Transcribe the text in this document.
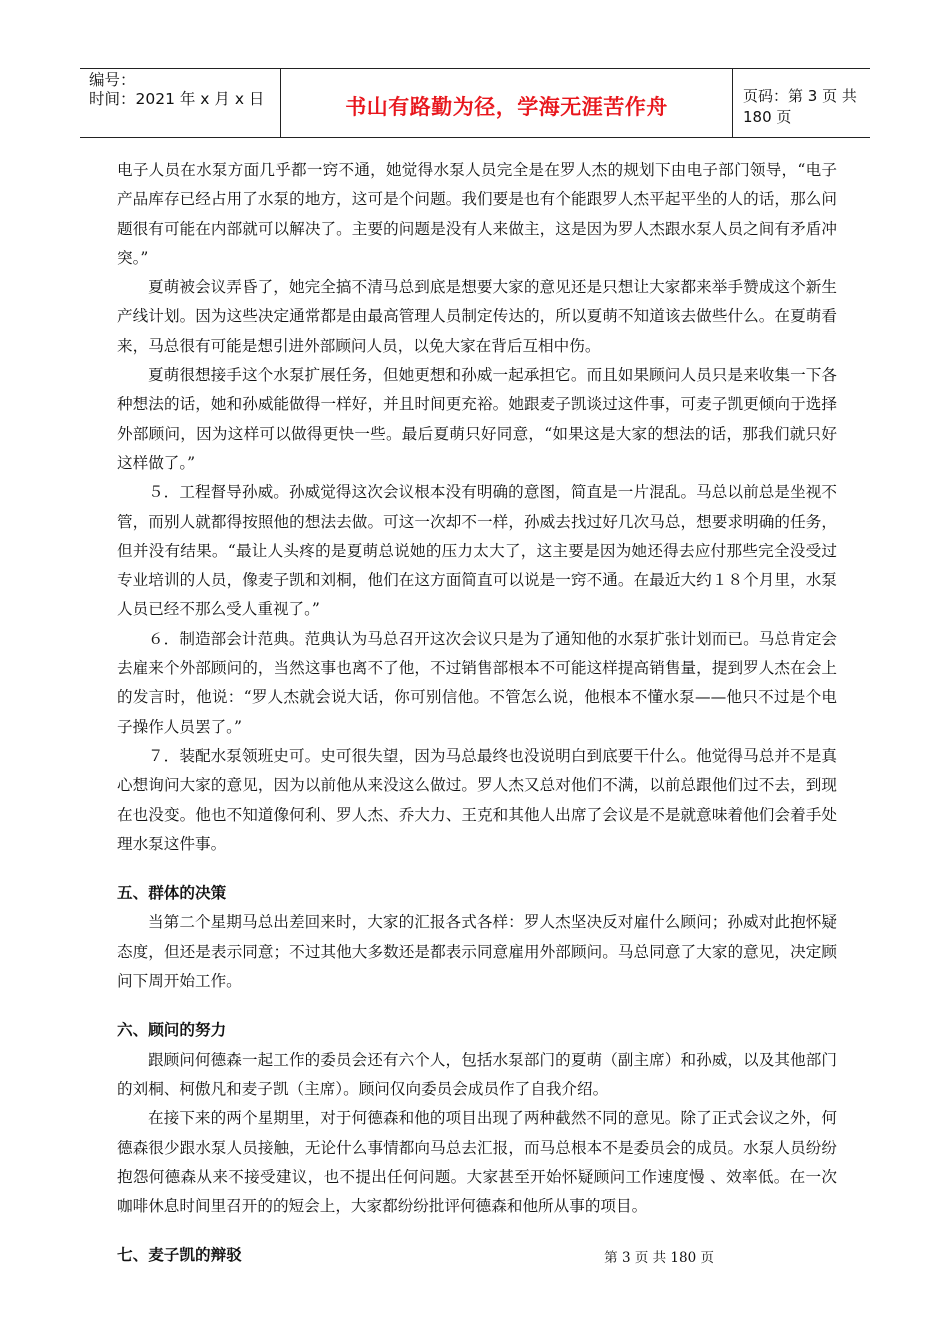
编号：
时间：2021 年 x 月 x 日	书山有路勤为径，学海无涯苦作舟	页码：第 3 页 共 180 页

电子人员在水泵方面几乎都一窍不通，她觉得水泵人员完全是在罗人杰的规划下由电子部门领导，“电子产品库存已经占用了水泵的地方，这可是个问题。我们要是也有个能跟罗人杰平起平坐的人的话，那么问题很有可能在内部就可以解决了。主要的问题是没有人来做主，这是因为罗人杰跟水泵人员之间有矛盾冲突。”

夏萌被会议弄昏了，她完全搞不清马总到底是想要大家的意见还是只想让大家都来举手赞成这个新生产线计划。因为这些决定通常都是由最高管理人员制定传达的，所以夏萌不知道该去做些什么。在夏萌看来，马总很有可能是想引进外部顾问人员，以免大家在背后互相中伤。

夏萌很想接手这个水泵扩展任务，但她更想和孙威一起承担它。而且如果顾问人员只是来收集一下各种想法的话，她和孙威能做得一样好，并且时间更充裕。她跟麦子凯谈过这件事，可麦子凯更倾向于选择外部顾问，因为这样可以做得更快一些。最后夏萌只好同意，“如果这是大家的想法的话，那我们就只好这样做了。”

５．工程督导孙威。孙威觉得这次会议根本没有明确的意图，简直是一片混乱。马总以前总是坐视不管，而别人就都得按照他的想法去做。可这一次却不一样，孙威去找过好几次马总，想要求明确的任务，但并没有结果。“最让人头疼的是夏萌总说她的压力太大了，这主要是因为她还得去应付那些完全没受过专业培训的人员，像麦子凯和刘桐，他们在这方面简直可以说是一窍不通。在最近大约１８个月里，水泵人员已经不那么受人重视了。”

６．制造部会计范典。范典认为马总召开这次会议只是为了通知他的水泵扩张计划而已。马总肯定会去雇来个外部顾问的，当然这事也离不了他，不过销售部根本不可能这样提高销售量，提到罗人杰在会上的发言时，他说：“罗人杰就会说大话，你可别信他。不管怎么说，他根本不懂水泵——他只不过是个电子操作人员罢了。”

７．装配水泵领班史可。史可很失望，因为马总最终也没说明白到底要干什么。他觉得马总并不是真心想询问大家的意见，因为以前他从来没这么做过。罗人杰又总对他们不满，以前总跟他们过不去，到现在也没变。他也不知道像何利、罗人杰、乔大力、王克和其他人出席了会议是不是就意味着他们会着手处理水泵这件事。

五、群体的决策

当第二个星期马总出差回来时，大家的汇报各式各样：罗人杰坚决反对雇什么顾问；孙威对此抱怀疑态度，但还是表示同意；不过其他大多数还是都表示同意雇用外部顾问。马总同意了大家的意见，决定顾问下周开始工作。

六、顾问的努力

跟顾问何德森一起工作的委员会还有六个人，包括水泵部门的夏萌（副主席）和孙威，以及其他部门的刘桐、柯傲凡和麦子凯（主席）。顾问仅向委员会成员作了自我介绍。

在接下来的两个星期里，对于何德森和他的项目出现了两种截然不同的意见。除了正式会议之外，何德森很少跟水泵人员接触，无论什么事情都向马总去汇报，而马总根本不是委员会的成员。水泵人员纷纷抱怨何德森从来不接受建议，也不提出任何问题。大家甚至开始怀疑顾问工作速度慢 、效率低。在一次咖啡休息时间里召开的的短会上，大家都纷纷批评何德森和他所从事的项目。

七、麦子凯的辩驳	第 3 页 共 180 页
